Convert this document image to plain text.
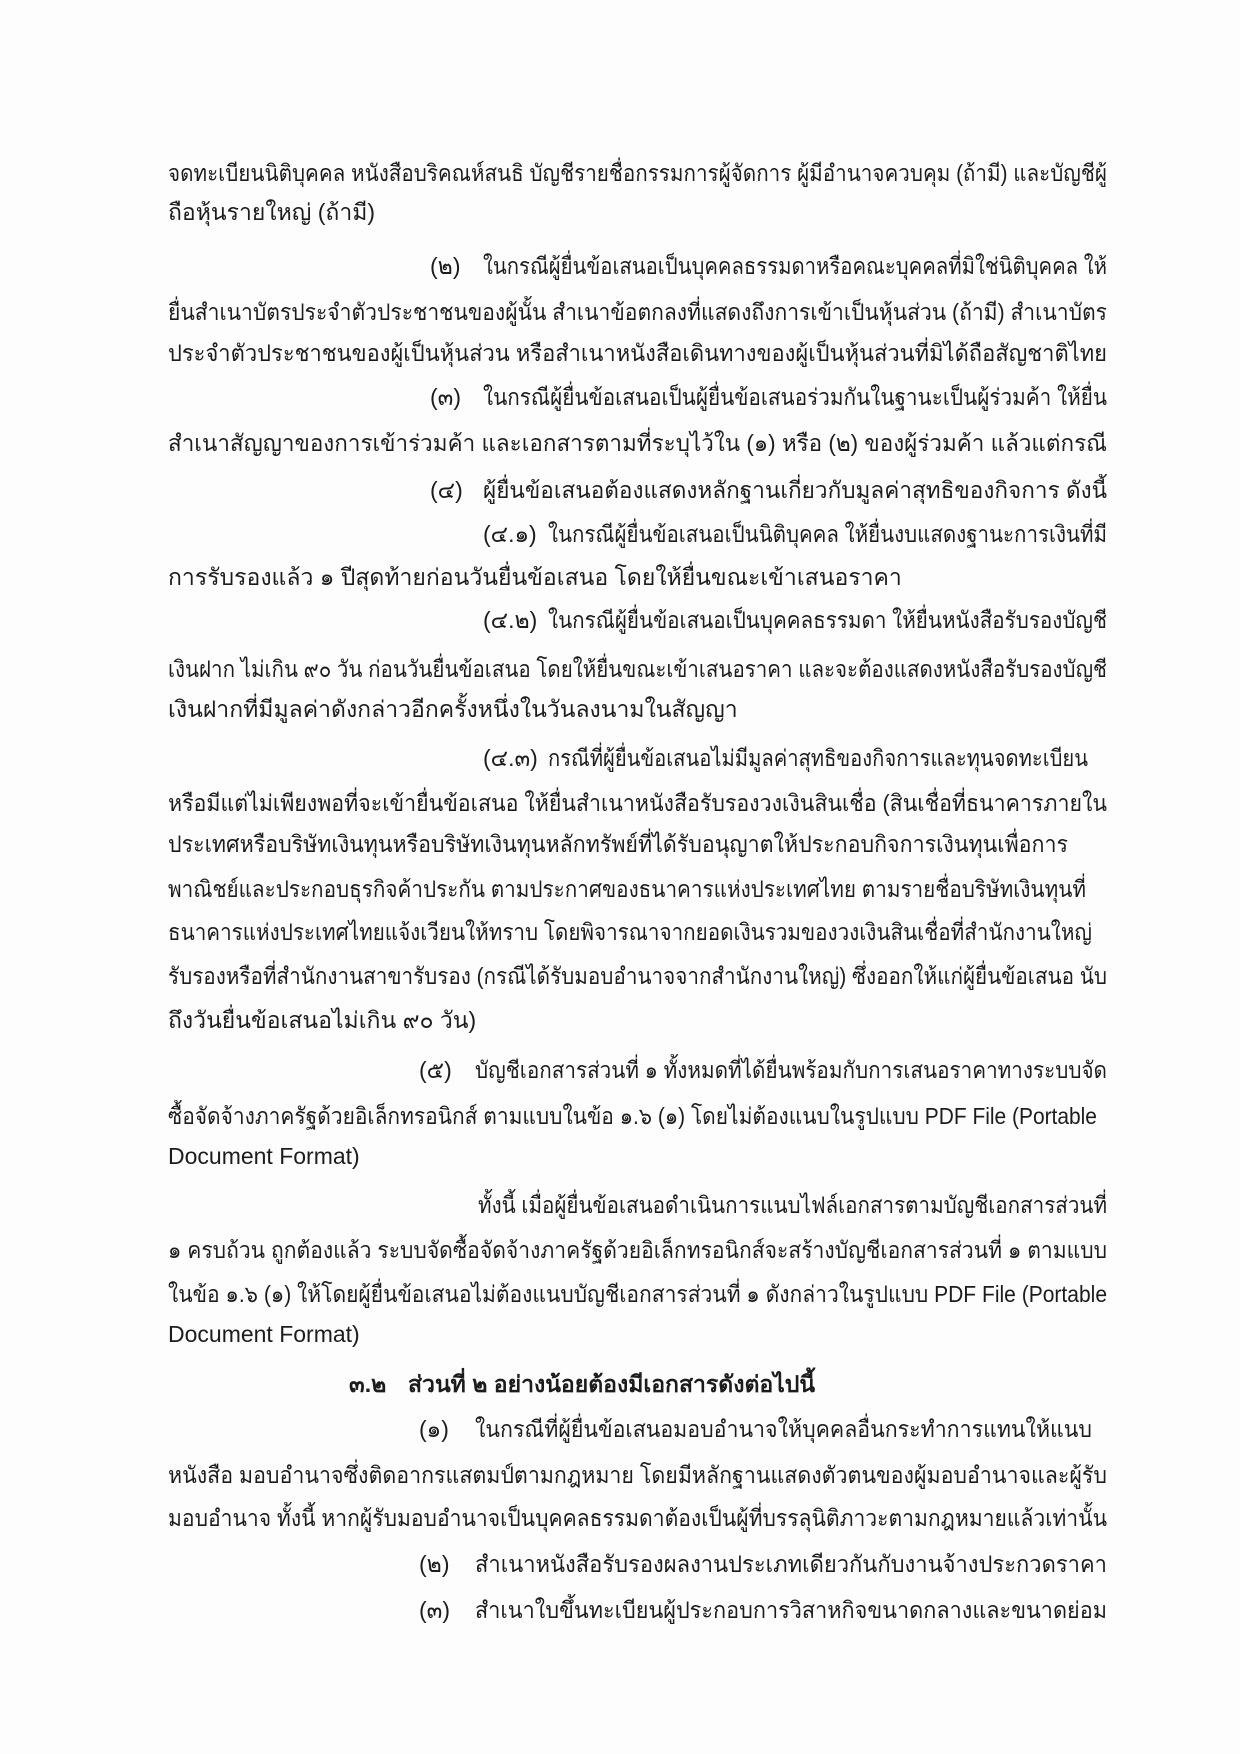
จดทะเบียนนิติบุคคล หนังสือบริคณห์สนธิ บัญชีรายชื่อกรรมการผู้จัดการ ผู้มีอำนาจควบคุม (ถ้ามี) และบัญชีผู้
ถือหุ้นรายใหญ่ (ถ้ามี)
(๒) ในกรณีผู้ยื่นข้อเสนอเป็นบุคคลธรรมดาหรือคณะบุคคลที่มิใช่นิติบุคคล ให้
ยื่นสำเนาบัตรประจำตัวประชาชนของผู้นั้น สำเนาข้อตกลงที่แสดงถึงการเข้าเป็นหุ้นส่วน (ถ้ามี) สำเนาบัตร
ประจำตัวประชาชนของผู้เป็นหุ้นส่วน หรือสำเนาหนังสือเดินทางของผู้เป็นหุ้นส่วนที่มิได้ถือสัญชาติไทย
(๓) ในกรณีผู้ยื่นข้อเสนอเป็นผู้ยื่นข้อเสนอร่วมกันในฐานะเป็นผู้ร่วมค้า ให้ยื่น
สำเนาสัญญาของการเข้าร่วมค้า และเอกสารตามที่ระบุไว้ใน (๑) หรือ (๒) ของผู้ร่วมค้า แล้วแต่กรณี
(๔) ผู้ยื่นข้อเสนอต้องแสดงหลักฐานเกี่ยวกับมูลค่าสุทธิของกิจการ ดังนี้
(๔.๑) ในกรณีผู้ยื่นข้อเสนอเป็นนิติบุคคล ให้ยื่นงบแสดงฐานะการเงินที่มี
การรับรองแล้ว ๑ ปีสุดท้ายก่อนวันยื่นข้อเสนอ โดยให้ยื่นขณะเข้าเสนอราคา
(๔.๒) ในกรณีผู้ยื่นข้อเสนอเป็นบุคคลธรรมดา ให้ยื่นหนังสือรับรองบัญชี
เงินฝาก ไม่เกิน ๙๐ วัน ก่อนวันยื่นข้อเสนอ โดยให้ยื่นขณะเข้าเสนอราคา และจะต้องแสดงหนังสือรับรองบัญชี
เงินฝากที่มีมูลค่าดังกล่าวอีกครั้งหนึ่งในวันลงนามในสัญญา
(๔.๓) กรณีที่ผู้ยื่นข้อเสนอไม่มีมูลค่าสุทธิของกิจการและทุนจดทะเบียน
หรือมีแต่ไม่เพียงพอที่จะเข้ายื่นข้อเสนอ ให้ยื่นสำเนาหนังสือรับรองวงเงินสินเชื่อ (สินเชื่อที่ธนาคารภายใน
ประเทศหรือบริษัทเงินทุนหรือบริษัทเงินทุนหลักทรัพย์ที่ได้รับอนุญาตให้ประกอบกิจการเงินทุนเพื่อการ
พาณิชย์และประกอบธุรกิจค้าประกัน ตามประกาศของธนาคารแห่งประเทศไทย ตามรายชื่อบริษัทเงินทุนที่
ธนาคารแห่งประเทศไทยแจ้งเวียนให้ทราบ โดยพิจารณาจากยอดเงินรวมของวงเงินสินเชื่อที่สำนักงานใหญ่
รับรองหรือที่สำนักงานสาขารับรอง (กรณีได้รับมอบอำนาจจากสำนักงานใหญ่) ซึ่งออกให้แก่ผู้ยื่นข้อเสนอ นับ
ถึงวันยื่นข้อเสนอไม่เกิน ๙๐ วัน)
(๕) บัญชีเอกสารส่วนที่ ๑ ทั้งหมดที่ได้ยื่นพร้อมกับการเสนอราคาทางระบบจัด
ซื้อจัดจ้างภาครัฐด้วยอิเล็กทรอนิกส์ ตามแบบในข้อ ๑.๖ (๑) โดยไม่ต้องแนบในรูปแบบ PDF File (Portable
Document Format)
ทั้งนี้ เมื่อผู้ยื่นข้อเสนอดำเนินการแนบไฟล์เอกสารตามบัญชีเอกสารส่วนที่
๑ ครบถ้วน ถูกต้องแล้ว ระบบจัดซื้อจัดจ้างภาครัฐด้วยอิเล็กทรอนิกส์จะสร้างบัญชีเอกสารส่วนที่ ๑ ตามแบบ
ในข้อ ๑.๖ (๑) ให้โดยผู้ยื่นข้อเสนอไม่ต้องแนบบัญชีเอกสารส่วนที่ ๑ ดังกล่าวในรูปแบบ PDF File (Portable
Document Format)
๓.๒ ส่วนที่ ๒ อย่างน้อยต้องมีเอกสารดังต่อไปนี้
(๑) ในกรณีที่ผู้ยื่นข้อเสนอมอบอำนาจให้บุคคลอื่นกระทำการแทนให้แนบ
หนังสือ มอบอำนาจซึ่งติดอากรแสตมป์ตามกฎหมาย โดยมีหลักฐานแสดงตัวตนของผู้มอบอำนาจและผู้รับ
มอบอำนาจ ทั้งนี้ หากผู้รับมอบอำนาจเป็นบุคคลธรรมดาต้องเป็นผู้ที่บรรลุนิติภาวะตามกฎหมายแล้วเท่านั้น
(๒) สำเนาหนังสือรับรองผลงานประเภทเดียวกันกับงานจ้างประกวดราคา
(๓) สำเนาใบขึ้นทะเบียนผู้ประกอบการวิสาหกิจขนาดกลางและขนาดย่อม
